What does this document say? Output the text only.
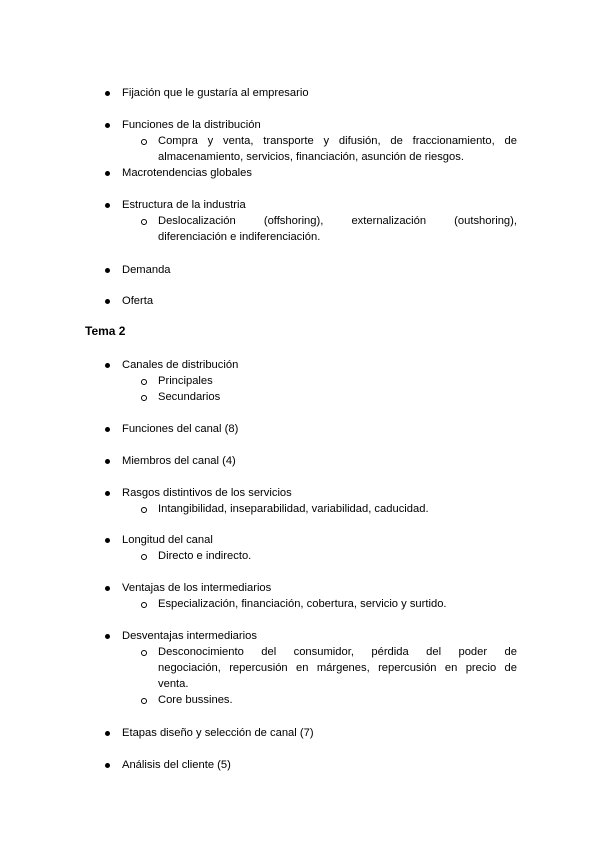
Fijación que le gustaría al empresario
Funciones de la distribución
Compra y venta, transporte y difusión, de fraccionamiento, de
almacenamiento, servicios, financiación, asunción de riesgos.
Macrotendencias globales
Estructura de la industria
Deslocalización (offshoring), externalización (outshoring),
diferenciación e indiferenciación.
Demanda
Oferta
Tema 2
Canales de distribución
Principales
Secundarios
Funciones del canal (8)
Miembros del canal (4)
Rasgos distintivos de los servicios
Intangibilidad, inseparabilidad, variabilidad, caducidad.
Longitud del canal
Directo e indirecto.
Ventajas de los intermediarios
Especialización, financiación, cobertura, servicio y surtido.
Desventajas intermediarios
Desconocimiento del consumidor, pérdida del poder de
negociación, repercusión en márgenes, repercusión en precio de
venta.
Core bussines.
Etapas diseño y selección de canal (7)
Análisis del cliente (5)
